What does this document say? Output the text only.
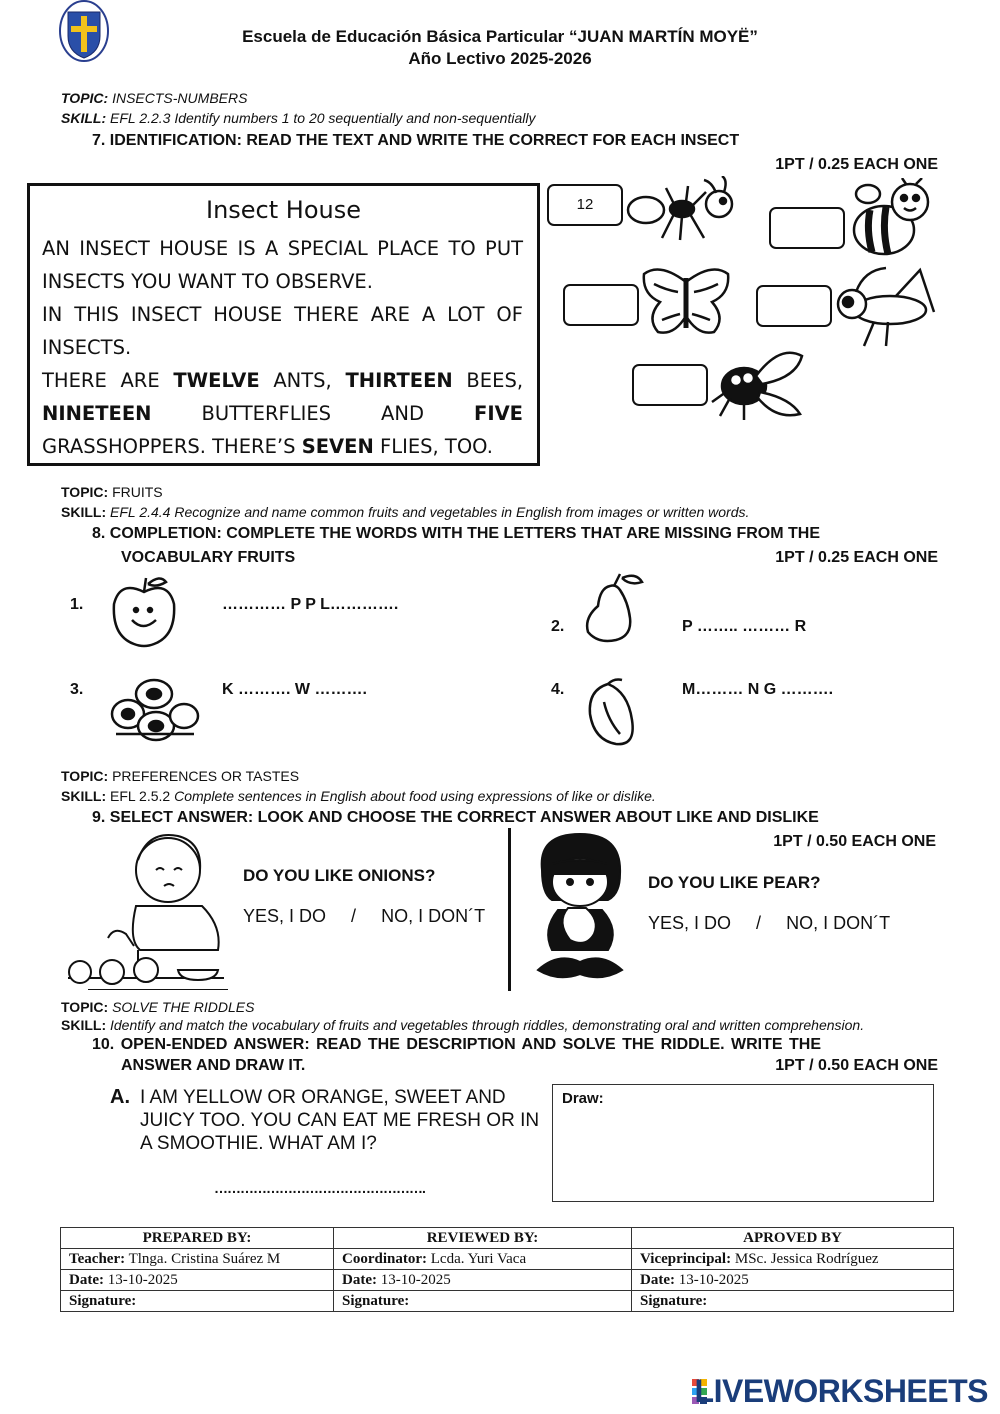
Escuela de Educación Básica Particular “JUAN MARTÍN MOYË”
Año Lectivo 2025-2026
TOPIC: INSECTS-NUMBERS
SKILL: EFL 2.2.3 Identify numbers 1 to 20 sequentially and non-sequentially
7. IDENTIFICATION: READ THE TEXT AND WRITE THE CORRECT FOR EACH INSECT
1PT / 0.25 EACH ONE
Insect House
AN INSECT HOUSE IS A SPECIAL PLACE TO PUT INSECTS YOU WANT TO OBSERVE.
IN THIS INSECT HOUSE THERE ARE A LOT OF INSECTS.
THERE ARE TWELVE ANTS, THIRTEEN BEES, NINETEEN BUTTERFLIES AND FIVE GRASSHOPPERS. THERE’S SEVEN FLIES, TOO.
12
TOPIC: FRUITS
SKILL: EFL 2.4.4 Recognize and name common fruits and vegetables in English from images or written words.
8. COMPLETION: COMPLETE THE WORDS WITH THE LETTERS THAT ARE MISSING FROM THE
VOCABULARY FRUITS	1PT / 0.25 EACH ONE
1.	………… P P L………….
2.	P …….. ……… R
3.	K ………. W ……….	4.	M……… N G ……….
TOPIC: PREFERENCES OR TASTES
SKILL: EFL 2.5.2 Complete sentences in English about food using expressions of like or dislike.
9. SELECT ANSWER: LOOK AND CHOOSE THE CORRECT ANSWER ABOUT LIKE AND DISLIKE
1PT / 0.50 EACH ONE
DO YOU LIKE ONIONS?
YES, I DO / NO, I DON´T
DO YOU LIKE PEAR?
YES, I DO / NO, I DON´T
TOPIC: SOLVE THE RIDDLES
SKILL: Identify and match the vocabulary of fruits and vegetables through riddles, demonstrating oral and written comprehension.
10. OPEN-ENDED ANSWER: READ THE DESCRIPTION AND SOLVE THE RIDDLE. WRITE THE
ANSWER AND DRAW IT.	1PT / 0.50 EACH ONE
A. I AM YELLOW OR ORANGE, SWEET AND JUICY TOO. YOU CAN EAT ME FRESH OR IN A SMOOTHIE. WHAT AM I?
………………………………………….
Draw:
PREPARED BY:	REVIEWED BY:	APROVED BY
Teacher: Tlnga. Cristina Suárez M	Coordinator: Lcda. Yuri Vaca	Viceprincipal: MSc. Jessica Rodríguez
Date: 13-10-2025	Date: 13-10-2025	Date: 13-10-2025
Signature:	Signature:	Signature:
LIVEWORKSHEETS
